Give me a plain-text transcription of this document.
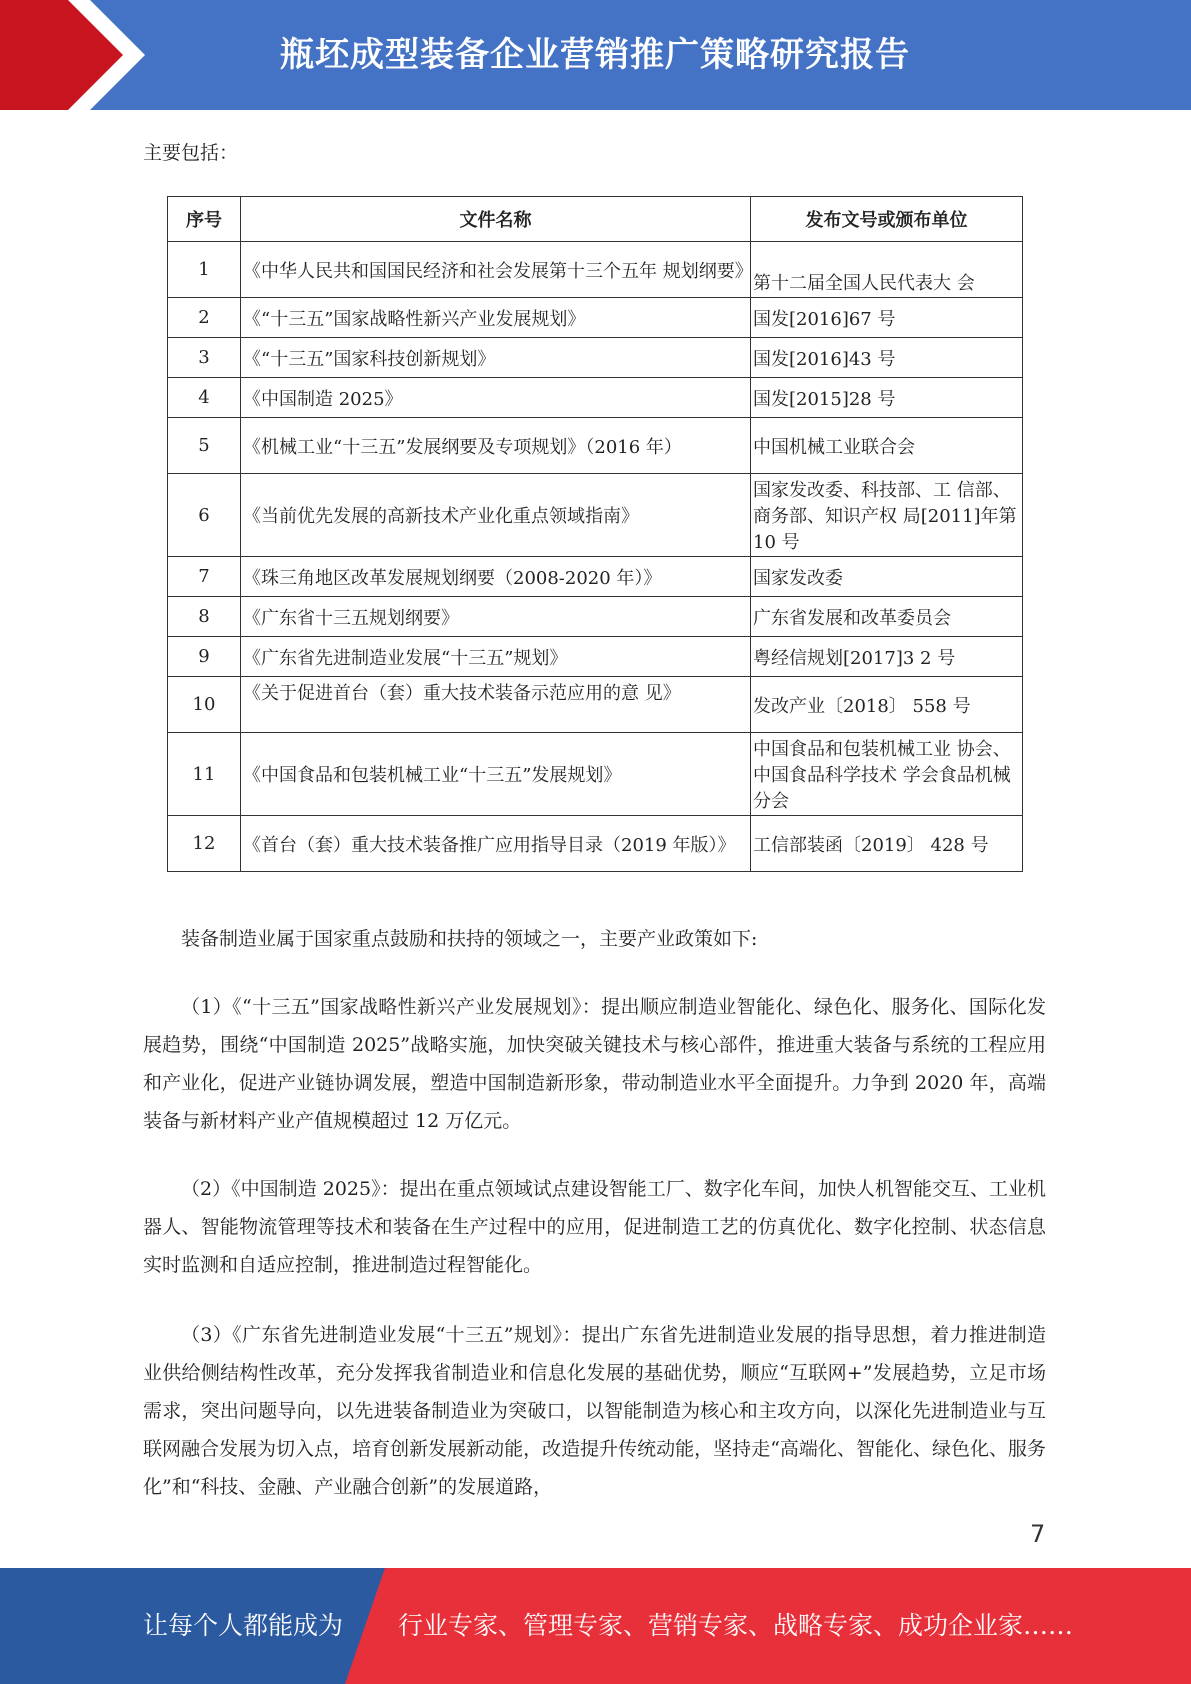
瓶坯成型装备企业营销推广策略研究报告
主要包括：
序号	文件名称	发布文号或颁布单位
1	《中华人民共和国国民经济和社会发展第十三个五年 规划纲要》	第十二届全国人民代表大 会
2	《“十三五”国家战略性新兴产业发展规划》	国发[2016]67 号
3	《“十三五”国家科技创新规划》	国发[2016]43 号
4	《中国制造 2025》	国发[2015]28 号
5	《机械工业“十三五”发展纲要及专项规划》（2016 年）	中国机械工业联合会
6	《当前优先发展的高新技术产业化重点领域指南》	国家发改委、科技部、工 信部、商务部、知识产权 局[2011]年第 10 号
7	《珠三角地区改革发展规划纲要（2008-2020 年）》	国家发改委
8	《广东省十三五规划纲要》	广东省发展和改革委员会
9	《广东省先进制造业发展“十三五”规划》	粤经信规划[2017]3 2 号
10	《关于促进首台（套）重大技术装备示范应用的意 见》	发改产业〔2018〕 558 号
11	《中国食品和包装机械工业“十三五”发展规划》	中国食品和包装机械工业 协会、中国食品科学技术 学会食品机械分会
12	《首台（套）重大技术装备推广应用指导目录（2019 年版）》	工信部装函〔2019〕 428 号
装备制造业属于国家重点鼓励和扶持的领域之一，主要产业政策如下:
（1）《“十三五”国家战略性新兴产业发展规划》：提出顺应制造业智能化、绿色化、服务化、国际化发展趋势，围绕“中国制造 2025”战略实施，加快突破关键技术与核心部件，推进重大装备与系统的工程应用和产业化，促进产业链协调发展，塑造中国制造新形象，带动制造业水平全面提升。力争到 2020 年，高端装备与新材料产业产值规模超过 12 万亿元。
（2）《中国制造 2025》：提出在重点领域试点建设智能工厂、数字化车间，加快人机智能交互、工业机器人、智能物流管理等技术和装备在生产过程中的应用，促进制造工艺的仿真优化、数字化控制、状态信息实时监测和自适应控制，推进制造过程智能化。
（3）《广东省先进制造业发展“十三五”规划》：提出广东省先进制造业发展的指导思想，着力推进制造业供给侧结构性改革，充分发挥我省制造业和信息化发展的基础优势，顺应“互联网+”发展趋势，立足市场需求，突出问题导向，以先进装备制造业为突破口，以智能制造为核心和主攻方向，以深化先进制造业与互联网融合发展为切入点，培育创新发展新动能，改造提升传统动能，坚持走“高端化、智能化、绿色化、服务化”和“科技、金融、产业融合创新”的发展道路，
7
让每个人都能成为 行业专家、管理专家、营销专家、战略专家、成功企业家……
